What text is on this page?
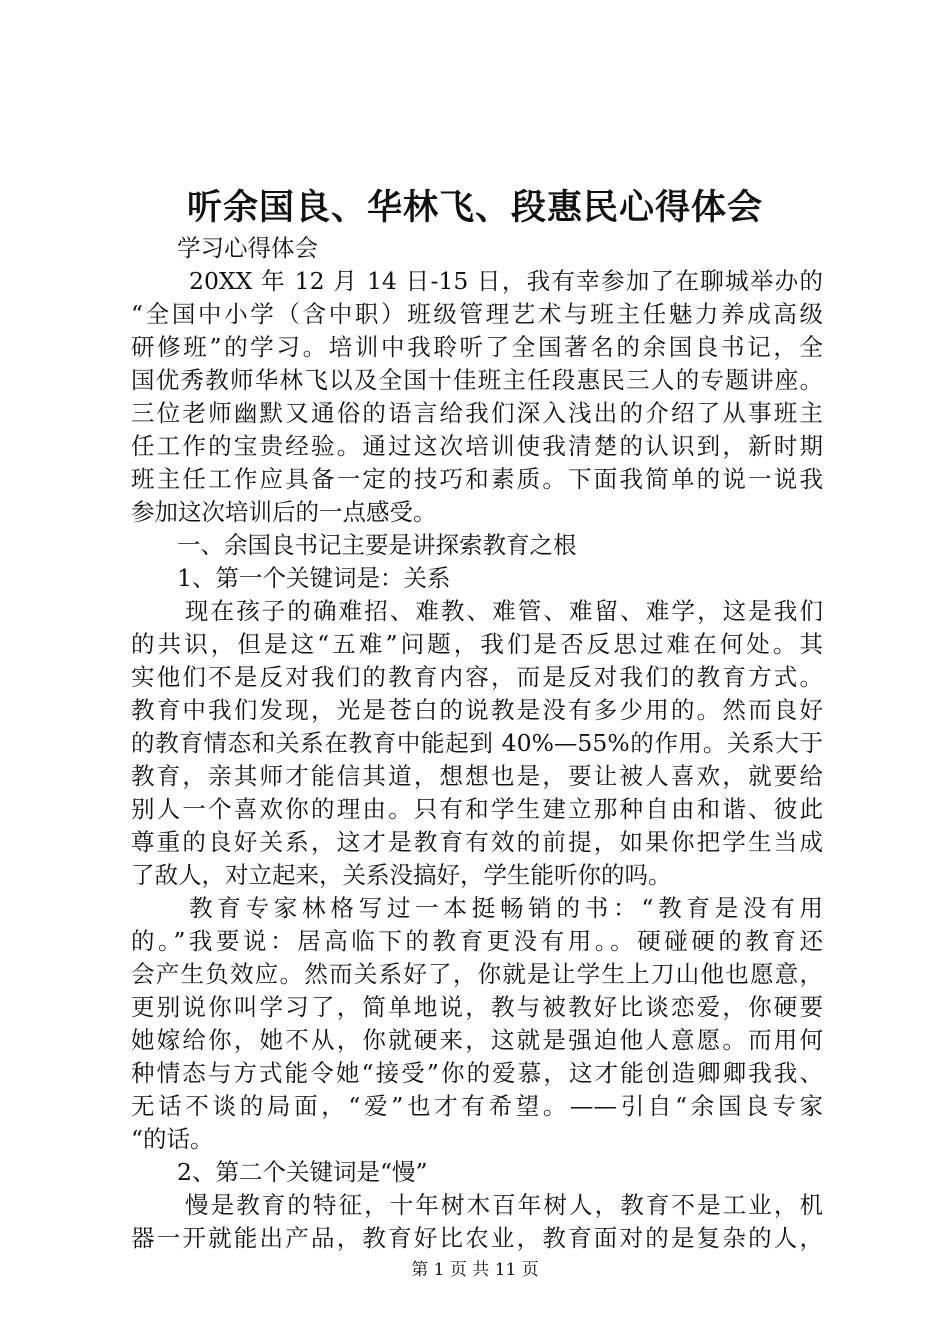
听余国良、华林飞、段惠民心得体会
学习心得体会
20XX 年 12 月 14 日-15 日，我有幸参加了在聊城举办的
“全国中小学（含中职）班级管理艺术与班主任魅力养成高级
研修班”的学习。培训中我聆听了全国著名的余国良书记，全
国优秀教师华林飞以及全国十佳班主任段惠民三人的专题讲座。
三位老师幽默又通俗的语言给我们深入浅出的介绍了从事班主
任工作的宝贵经验。通过这次培训使我清楚的认识到，新时期
班主任工作应具备一定的技巧和素质。下面我简单的说一说我
参加这次培训后的一点感受。
一、余国良书记主要是讲探索教育之根
1、第一个关键词是：关系
现在孩子的确难招、难教、难管、难留、难学，这是我们
的共识，但是这“五难”问题，我们是否反思过难在何处。其
实他们不是反对我们的教育内容，而是反对我们的教育方式。
教育中我们发现，光是苍白的说教是没有多少用的。然而良好
的教育情态和关系在教育中能起到 40%—55%的作用。关系大于
教育，亲其师才能信其道，想想也是，要让被人喜欢，就要给
别人一个喜欢你的理由。只有和学生建立那种自由和谐、彼此
尊重的良好关系，这才是教育有效的前提，如果你把学生当成
了敌人，对立起来，关系没搞好，学生能听你的吗。
教育专家林格写过一本挺畅销的书：“教育是没有用
的。”我要说：居高临下的教育更没有用。。硬碰硬的教育还
会产生负效应。然而关系好了，你就是让学生上刀山他也愿意，
更别说你叫学习了，简单地说，教与被教好比谈恋爱，你硬要
她嫁给你，她不从，你就硬来，这就是强迫他人意愿。而用何
种情态与方式能令她“接受”你的爱慕，这才能创造卿卿我我、
无话不谈的局面，“爱”也才有希望。——引自“余国良专家
“的话。
2、第二个关键词是“慢”
慢是教育的特征，十年树木百年树人，教育不是工业，机
器一开就能出产品，教育好比农业，教育面对的是复杂的人，
第 1 页 共 11 页
